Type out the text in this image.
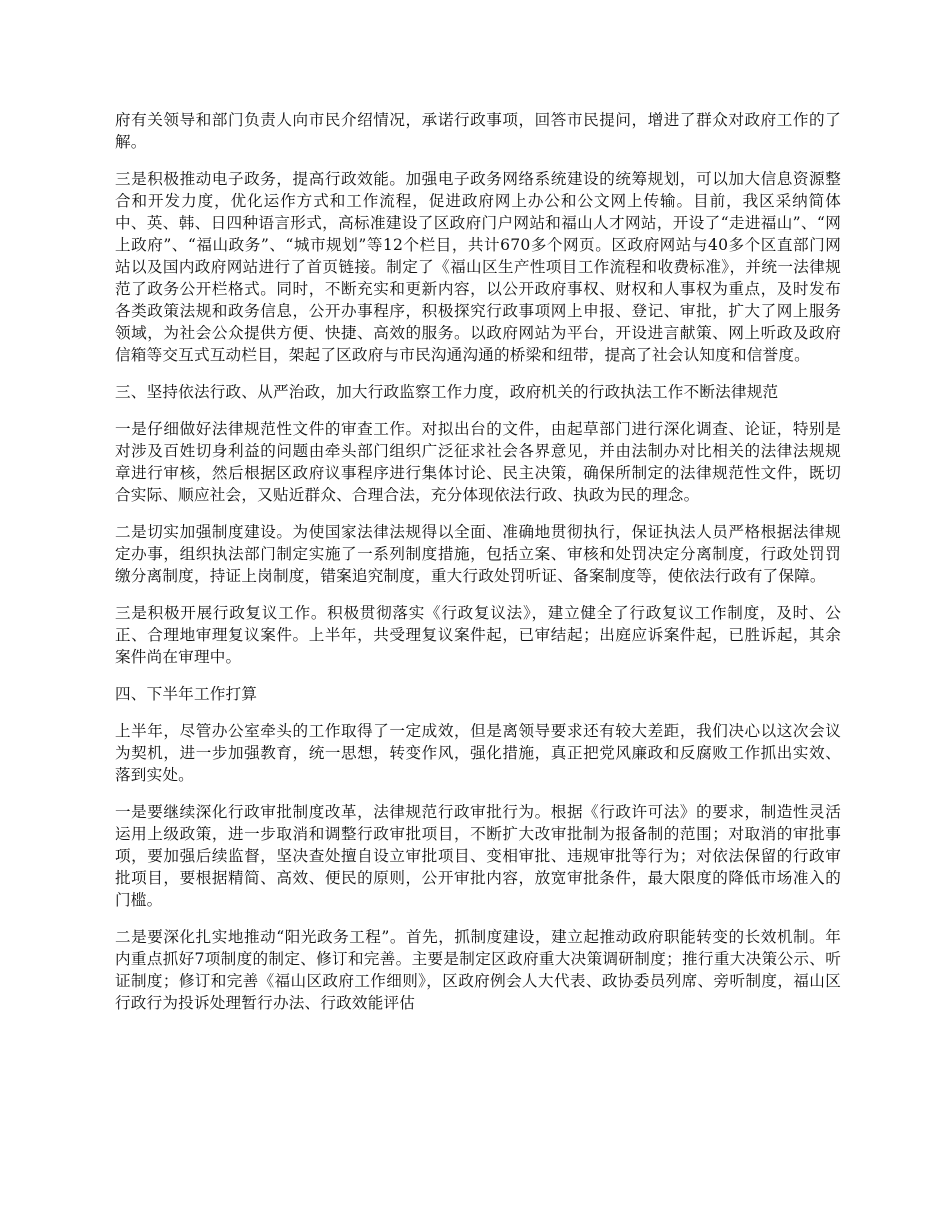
府有关领导和部门负责人向市民介绍情况，承诺行政事项，回答市民提问，增进了群众对政府工作的了解。

三是积极推动电子政务，提高行政效能。加强电子政务网络系统建设的统筹规划，可以加大信息资源整合和开发力度，优化运作方式和工作流程，促进政府网上办公和公文网上传输。目前，我区采纳简体中、英、韩、日四种语言形式，高标准建设了区政府门户网站和福山人才网站，开设了“走进福山”、“网上政府”、“福山政务”、“城市规划”等12个栏目，共计670多个网页。区政府网站与40多个区直部门网站以及国内政府网站进行了首页链接。制定了《福山区生产性项目工作流程和收费标准》，并统一法律规范了政务公开栏格式。同时，不断充实和更新内容，以公开政府事权、财权和人事权为重点，及时发布各类政策法规和政务信息，公开办事程序，积极探究行政事项网上申报、登记、审批，扩大了网上服务领域，为社会公众提供方便、快捷、高效的服务。以政府网站为平台，开设进言献策、网上听政及政府信箱等交互式互动栏目，架起了区政府与市民沟通沟通的桥梁和纽带，提高了社会认知度和信誉度。

三、坚持依法行政、从严治政，加大行政监察工作力度，政府机关的行政执法工作不断法律规范

一是仔细做好法律规范性文件的审查工作。对拟出台的文件，由起草部门进行深化调查、论证，特别是对涉及百姓切身利益的问题由牵头部门组织广泛征求社会各界意见，并由法制办对比相关的法律法规规章进行审核，然后根据区政府议事程序进行集体讨论、民主决策，确保所制定的法律规范性文件，既切合实际、顺应社会，又贴近群众、合理合法，充分体现依法行政、执政为民的理念。

二是切实加强制度建设。为使国家法律法规得以全面、准确地贯彻执行，保证执法人员严格根据法律规定办事，组织执法部门制定实施了一系列制度措施，包括立案、审核和处罚决定分离制度，行政处罚罚缴分离制度，持证上岗制度，错案追究制度，重大行政处罚听证、备案制度等，使依法行政有了保障。

三是积极开展行政复议工作。积极贯彻落实《行政复议法》，建立健全了行政复议工作制度，及时、公正、合理地审理复议案件。上半年，共受理复议案件起，已审结起；出庭应诉案件起，已胜诉起，其余案件尚在审理中。

四、下半年工作打算

上半年，尽管办公室牵头的工作取得了一定成效，但是离领导要求还有较大差距，我们决心以这次会议为契机，进一步加强教育，统一思想，转变作风，强化措施，真正把党风廉政和反腐败工作抓出实效、落到实处。

一是要继续深化行政审批制度改革，法律规范行政审批行为。根据《行政许可法》的要求，制造性灵活运用上级政策，进一步取消和调整行政审批项目，不断扩大改审批制为报备制的范围；对取消的审批事项，要加强后续监督，坚决查处擅自设立审批项目、变相审批、违规审批等行为；对依法保留的行政审批项目，要根据精简、高效、便民的原则，公开审批内容，放宽审批条件，最大限度的降低市场准入的门槛。

二是要深化扎实地推动“阳光政务工程”。首先，抓制度建设，建立起推动政府职能转变的长效机制。年内重点抓好7项制度的制定、修订和完善。主要是制定区政府重大决策调研制度；推行重大决策公示、听证制度；修订和完善《福山区政府工作细则》，区政府例会人大代表、政协委员列席、旁听制度，福山区行政行为投诉处理暂行办法、行政效能评估
